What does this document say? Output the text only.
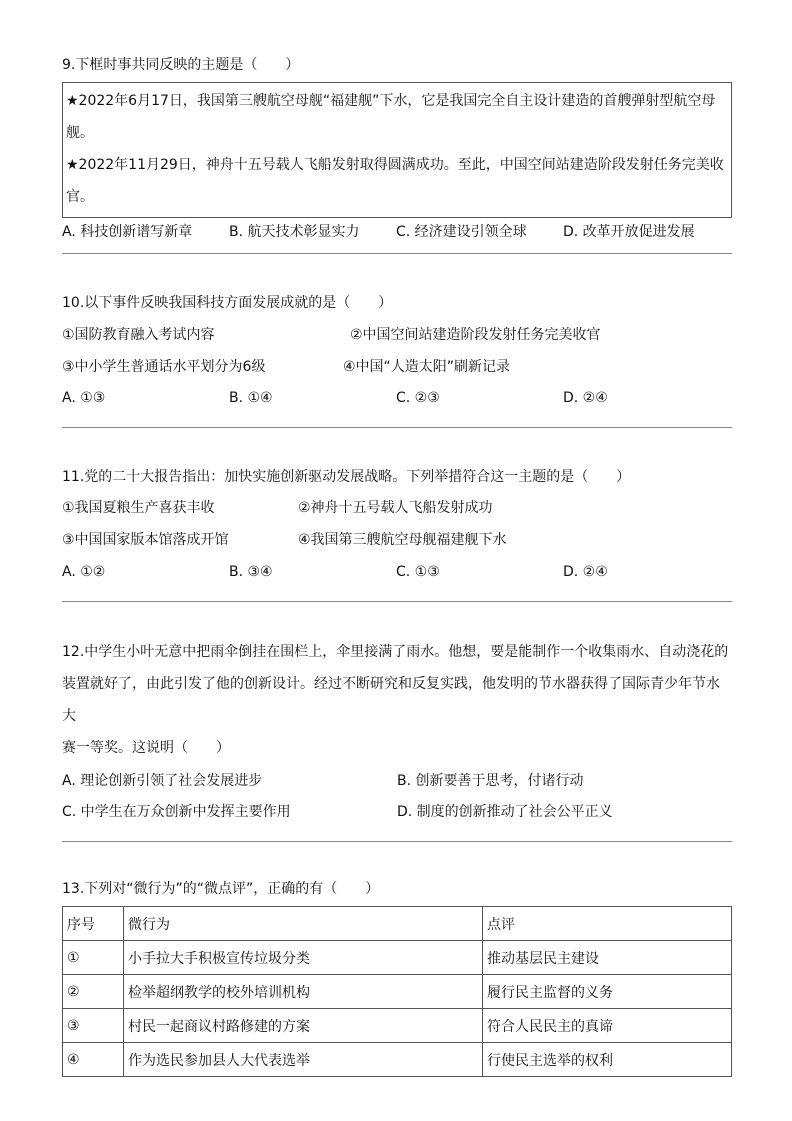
9.下框时事共同反映的主题是（　　）
★2022年6月17日，我国第三艘航空母舰“福建舰”下水，它是我国完全自主设计建造的首艘弹射型航空母舰。
★2022年11月29日，神舟十五号载人飞船发射取得圆满成功。至此，中国空间站建造阶段发射任务完美收官。
A. 科技创新谱写新章	B. 航天技术彰显实力	C. 经济建设引领全球	D. 改革开放促进发展
10.以下事件反映我国科技方面发展成就的是（　　）
①国防教育融入考试内容	②中国空间站建造阶段发射任务完美收官
③中小学生普通话水平划分为6级	④中国“人造太阳”刷新记录
A. ①③	B. ①④	C. ②③	D. ②④
11.党的二十大报告指出：加快实施创新驱动发展战略。下列举措符合这一主题的是（　　）
①我国夏粮生产喜获丰收	②神舟十五号载人飞船发射成功
③中国国家版本馆落成开馆	④我国第三艘航空母舰福建舰下水
A. ①②	B. ③④	C. ①③	D. ②④
12.中学生小叶无意中把雨伞倒挂在围栏上，伞里接满了雨水。他想，要是能制作一个收集雨水、自动浇花的
装置就好了，由此引发了他的创新设计。经过不断研究和反复实践，他发明的节水器获得了国际青少年节水大
赛一等奖。这说明（　　）
A. 理论创新引领了社会发展进步	B. 创新要善于思考，付诸行动
C. 中学生在万众创新中发挥主要作用	D. 制度的创新推动了社会公平正义
13.下列对“微行为”的“微点评”，正确的有（　　）
序号	微行为	点评
①	小手拉大手积极宣传垃圾分类	推动基层民主建设
②	检举超纲教学的校外培训机构	履行民主监督的义务
③	村民一起商议村路修建的方案	符合人民民主的真谛
④	作为选民参加县人大代表选举	行使民主选举的权利
